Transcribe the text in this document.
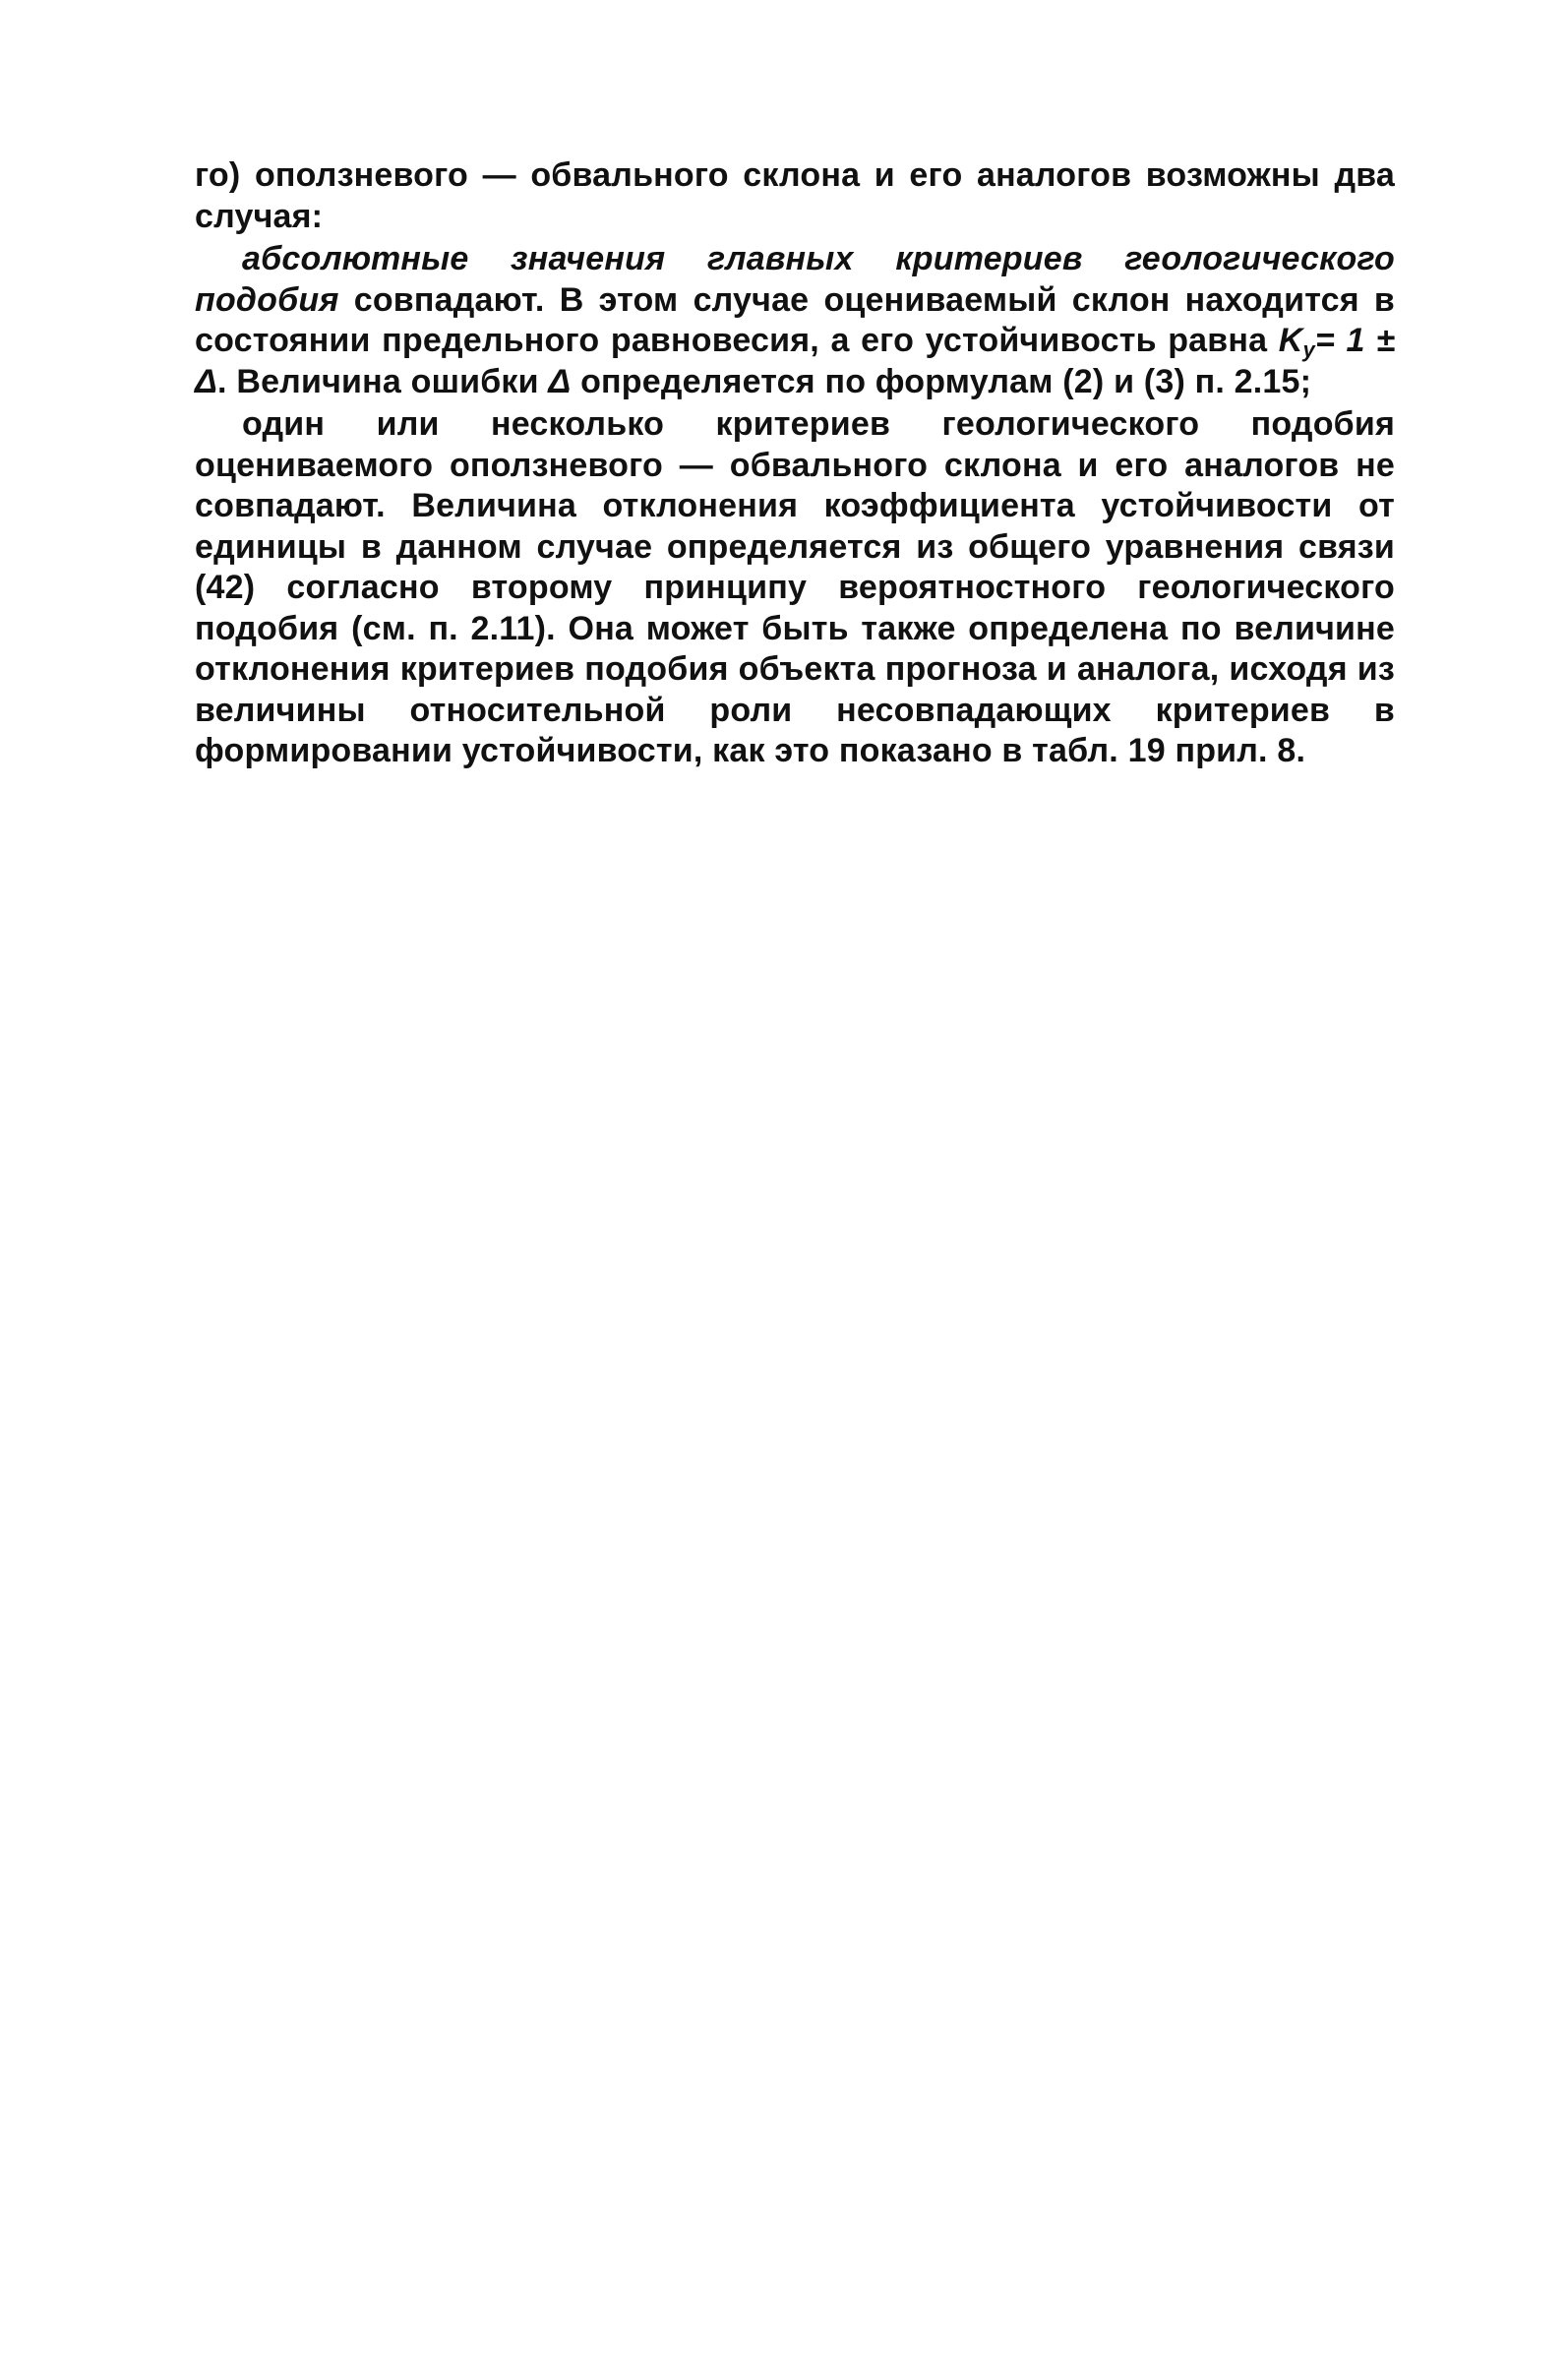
го) оползневого — обвального склона и его аналогов возможны два случая:

абсолютные значения главных критериев геологического подобия совпадают. В этом случае оцениваемый склон находится в состоянии предельного равновесия, а его устойчивость равна $K_y= 1 \pm \Delta$. Величина ошибки Δ определяется по формулам (2) и (3) п. 2.15;

один или несколько критериев геологического подобия оцениваемого оползневого — обвального склона и его аналогов не совпадают. Величина отклонения коэффициента устойчивости от единицы в данном случае определяется из общего уравнения связи (42) согласно второму принципу вероятностного геологического подобия (см. п. 2.11). Она может быть также определена по величине отклонения критериев подобия объекта прогноза и аналога, исходя из величины относительной роли несовпадающих критериев в формировании устойчивости, как это показано в табл. 19 прил. 8.
